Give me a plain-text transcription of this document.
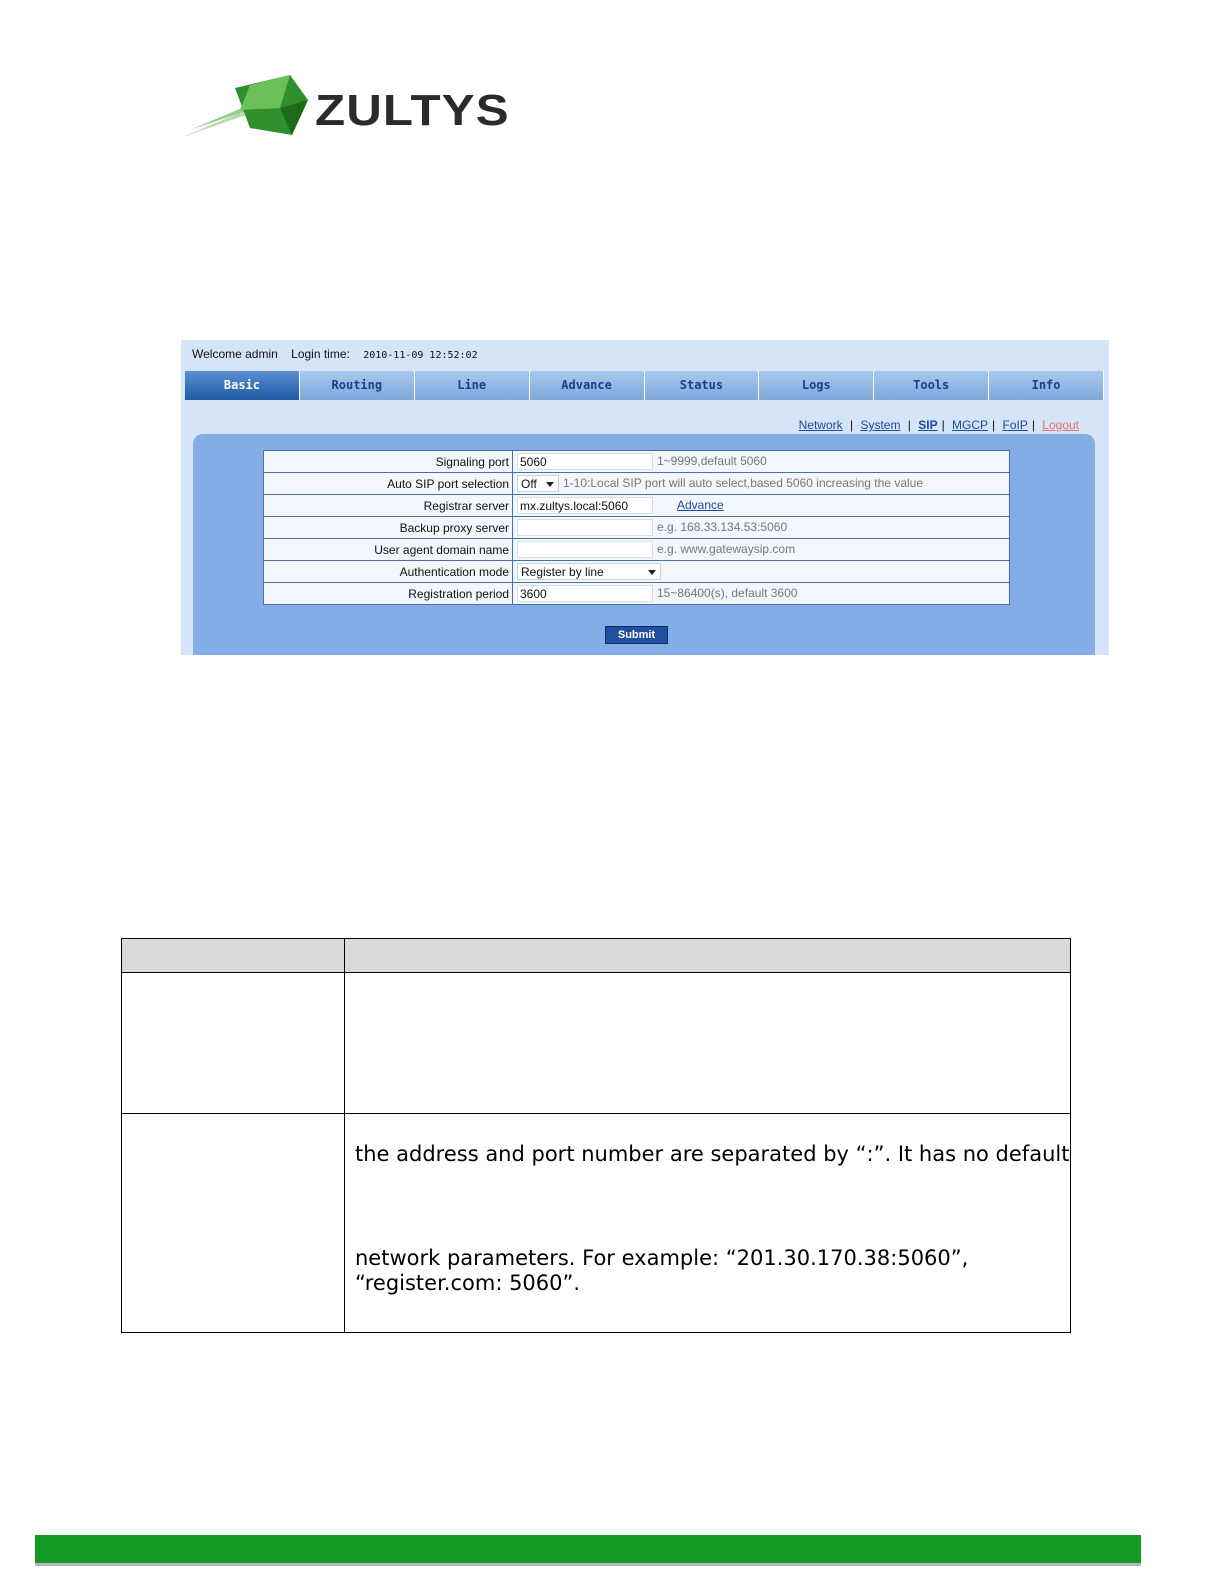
ZULTYS
Welcome admin Login time: 2010-11-09 12:52:02
Basic	Routing	Line	Advance	Status	Logs	Tools	Info
Network | System | SIP | MGCP | FoIP | Logout
Signaling port	5060 1~9999,default 5060
Auto SIP port selection	Off 1-10:Local SIP port will auto select,based 5060 increasing the value
Registrar server	mx.zultys.local:5060 Advance
Backup proxy server	e.g. 168.33.134.53:5060
User agent domain name	e.g. www.gatewaysip.com
Authentication mode	Register by line

Registration period	3600 15~86400(s), default 3600
Submit

	the address and port number are separated by “:”. It has no default
network parameters. For example: “201.30.170.38:5060”,
“register.com: 5060”.
